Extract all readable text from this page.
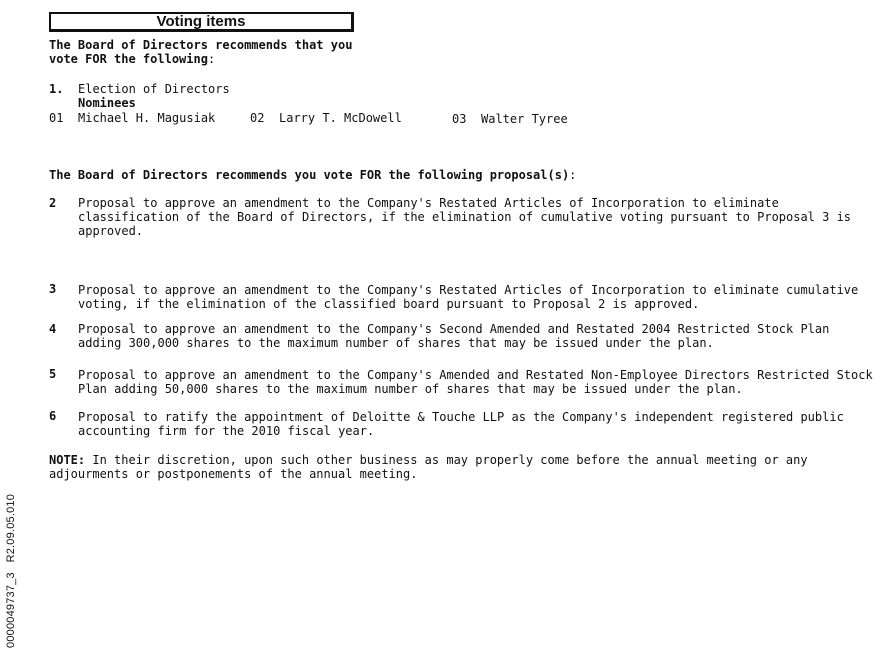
Voting items
The Board of Directors recommends that you
vote FOR the following:
1. Election of Directors
Nominees
01 Michael H. Magusiak	02 Larry T. McDowell	03 Walter Tyree
The Board of Directors recommends you vote FOR the following proposal(s):
2 Proposal to approve an amendment to the Company's Restated Articles of Incorporation to eliminate
classification of the Board of Directors, if the elimination of cumulative voting pursuant to Proposal 3 is
approved.
3 Proposal to approve an amendment to the Company's Restated Articles of Incorporation to eliminate cumulative
voting, if the elimination of the classified board pursuant to Proposal 2 is approved.
4 Proposal to approve an amendment to the Company's Second Amended and Restated 2004 Restricted Stock Plan
adding 300,000 shares to the maximum number of shares that may be issued under the plan.
5 Proposal to approve an amendment to the Company's Amended and Restated Non-Employee Directors Restricted Stock
Plan adding 50,000 shares to the maximum number of shares that may be issued under the plan.
6 Proposal to ratify the appointment of Deloitte & Touche LLP as the Company's independent registered public
accounting firm for the 2010 fiscal year.
NOTE: In their discretion, upon such other business as may properly come before the annual meeting or any
adjourments or postponements of the annual meeting.
0000049737_3   R2.09.05.010
